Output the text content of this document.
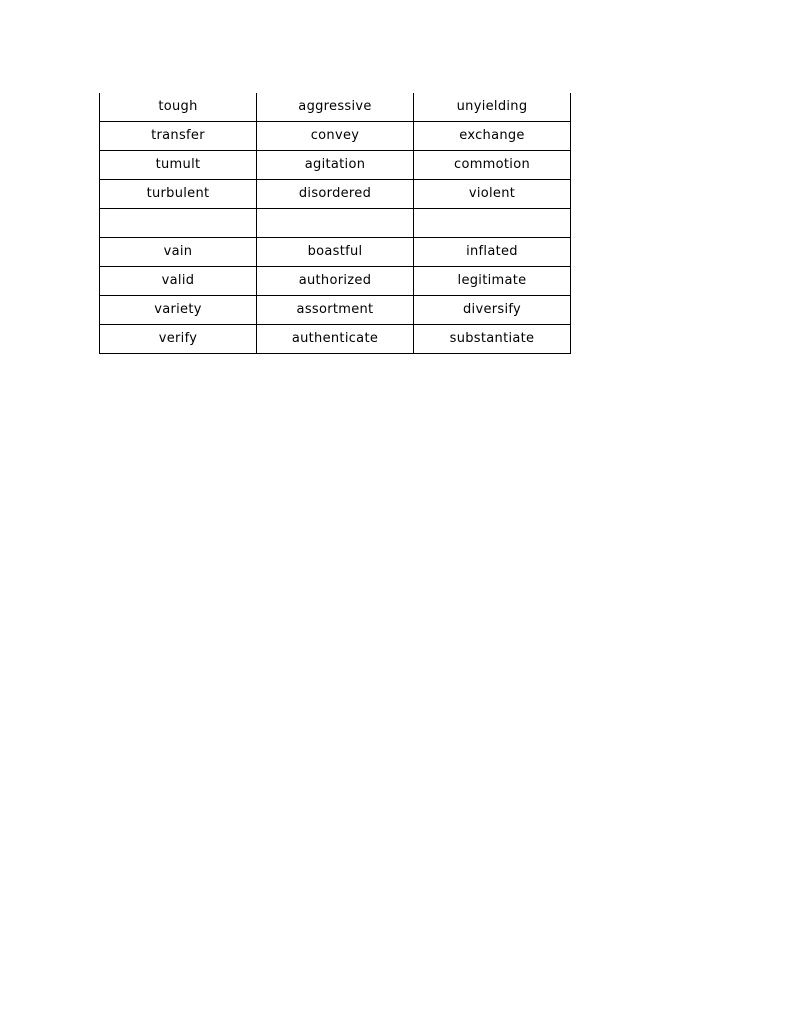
tough	aggressive	unyielding
transfer	convey	exchange
tumult	agitation	commotion
turbulent	disordered	violent

vain	boastful	inflated
valid	authorized	legitimate
variety	assortment	diversify
verify	authenticate	substantiate
